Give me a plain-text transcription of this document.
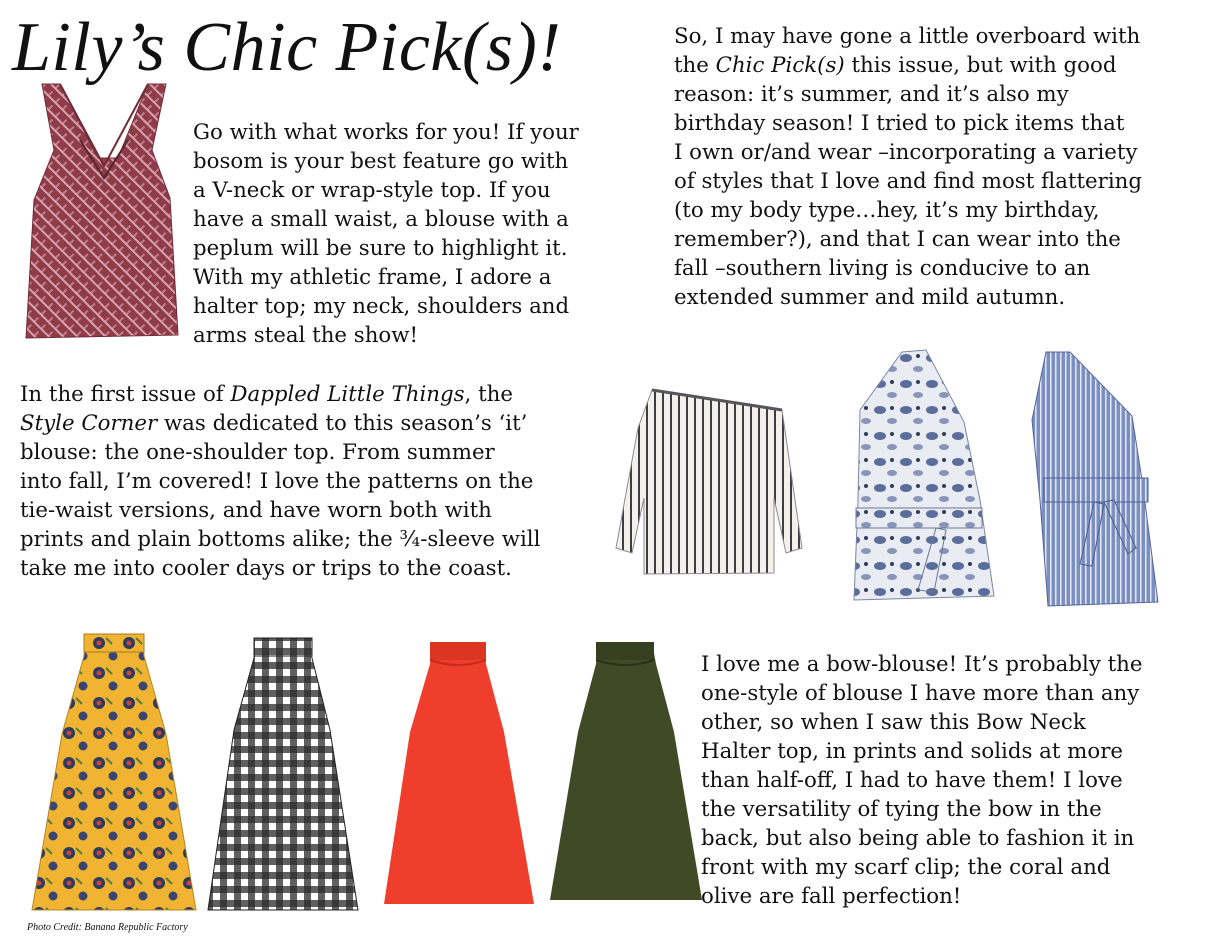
Lily’s Chic Pick(s)!	So, I may have gone a little overboard with
the Chic Pick(s) this issue, but with good
reason: it’s summer, and it’s also my
birthday season! I tried to pick items that
I own or/and wear –incorporating a variety
of styles that I love and find most flattering
(to my body type…hey, it’s my birthday,
remember?), and that I can wear into the
fall –southern living is conducive to an
extended summer and mild autumn.
Go with what works for you! If your
bosom is your best feature go with
a V-neck or wrap-style top. If you
have a small waist, a blouse with a
peplum will be sure to highlight it.
With my athletic frame, I adore a
halter top; my neck, shoulders and
arms steal the show!
In the first issue of Dappled Little Things, the
Style Corner was dedicated to this season’s ‘it’
blouse: the one-shoulder top. From summer
into fall, I’m covered! I love the patterns on the
tie-waist versions, and have worn both with
prints and plain bottoms alike; the ¾-sleeve will
take me into cooler days or trips to the coast.
I love me a bow-blouse! It’s probably the
one-style of blouse I have more than any
other, so when I saw this Bow Neck
Halter top, in prints and solids at more
than half-off, I had to have them! I love
the versatility of tying the bow in the
back, but also being able to fashion it in
front with my scarf clip; the coral and
olive are fall perfection!
Photo Credit: Banana Republic Factory
